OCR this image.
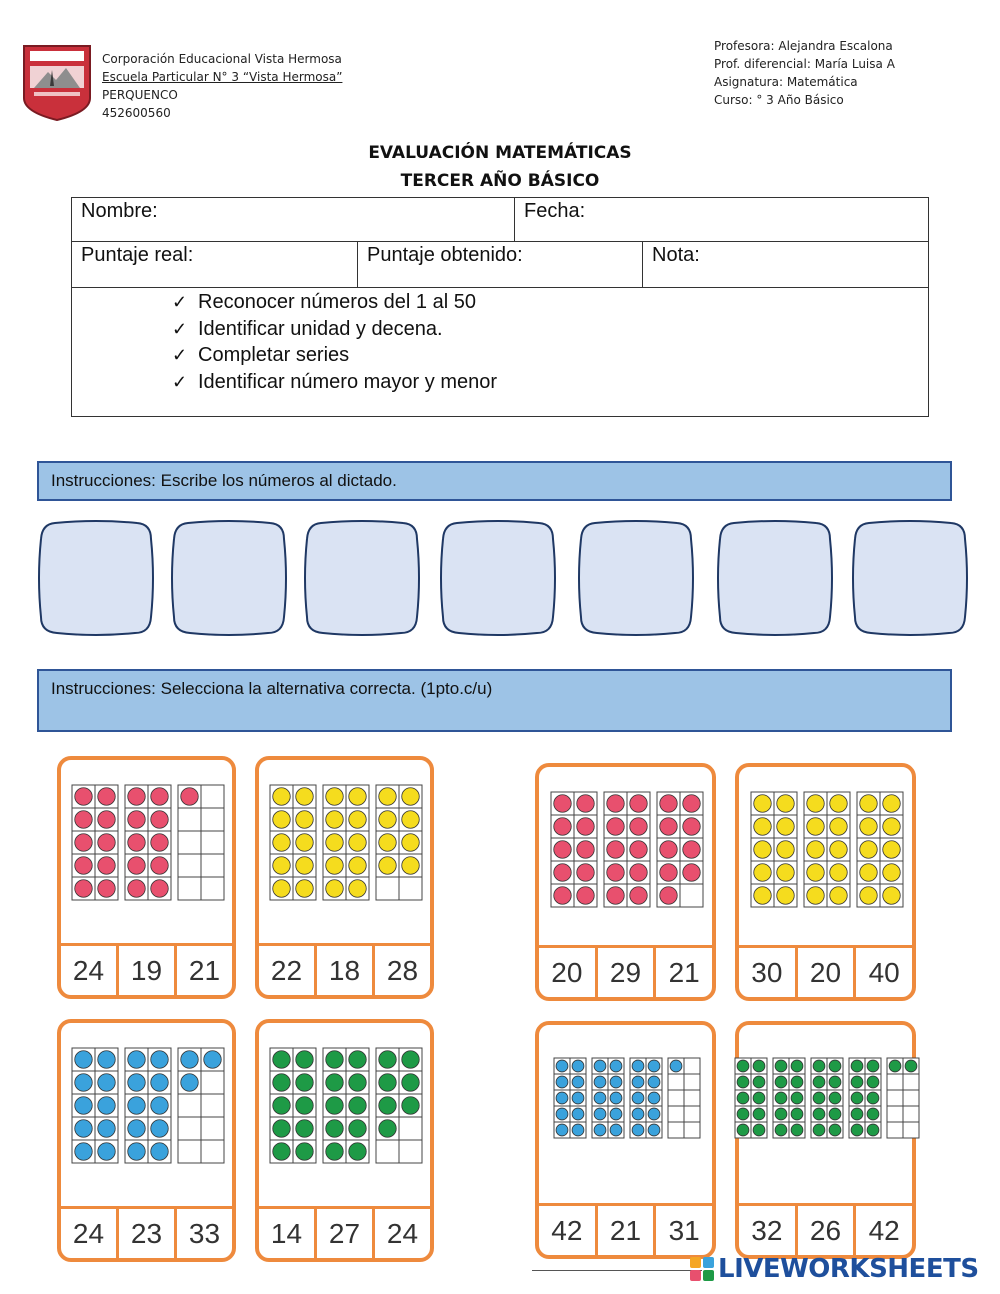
Corporación Educacional Vista Hermosa
Escuela Particular N° 3 “Vista Hermosa”
PERQUENCO
452600560
Profesora: Alejandra Escalona
Prof. diferencial: María Luisa A
Asignatura: Matemática
Curso: ° 3 Año Básico
EVALUACIÓN MATEMÁTICAS
TERCER AÑO BÁSICO
Nombre:	Fecha:
Puntaje real:	Puntaje obtenido:	Nota:
✓ Reconocer números del 1 al 50
✓ Identificar unidad y decena.
✓ Completar series
✓ Identificar número mayor y menor
Instrucciones: Escribe los números al dictado.
Instrucciones: Selecciona la alternativa correcta. (1pto.c/u)
24 19 21	22 18 28	20 29 21	30 20 40
24 23 33	14 27 24	42 21 31	32 26 42
LIVEWORKSHEETS
